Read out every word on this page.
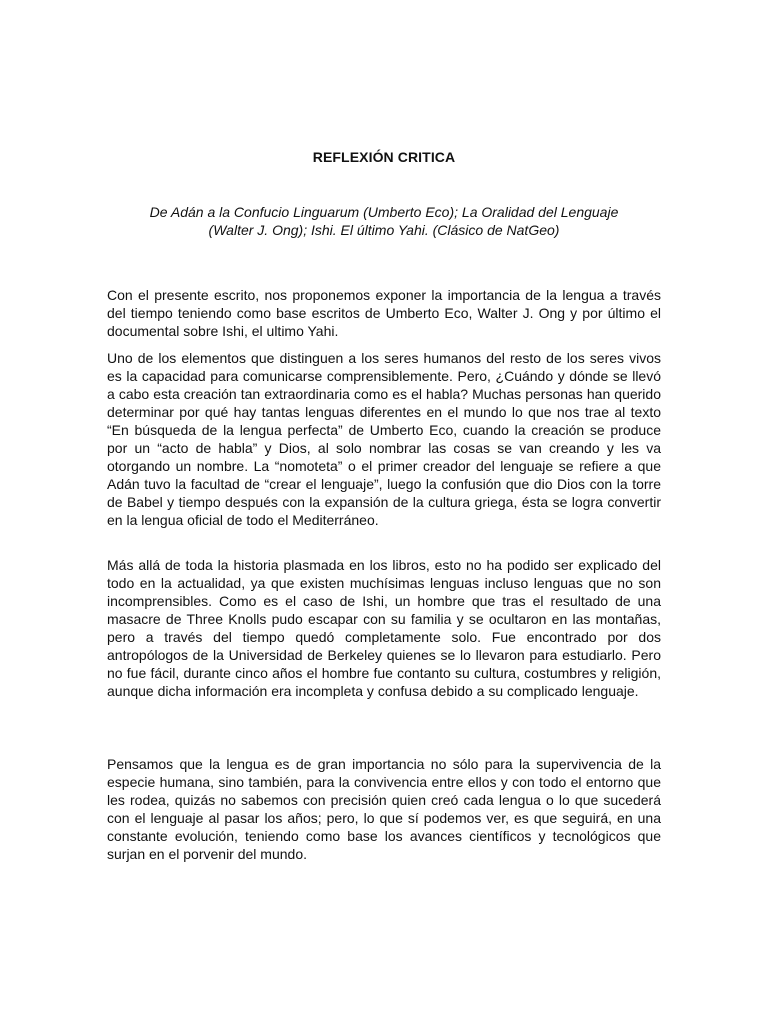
REFLEXIÓN CRITICA
De Adán a la Confucio Linguarum (Umberto Eco); La Oralidad del Lenguaje
(Walter J. Ong); Ishi. El último Yahi. (Clásico de NatGeo)

Con el presente escrito, nos proponemos exponer la importancia de la lengua a través del tiempo teniendo como base escritos de Umberto Eco, Walter J. Ong y por último el documental sobre Ishi, el ultimo Yahi.

Uno de los elementos que distinguen a los seres humanos del resto de los seres vivos es la capacidad para comunicarse comprensiblemente. Pero, ¿Cuándo y dónde se llevó a cabo esta creación tan extraordinaria como es el habla? Muchas personas han querido determinar por qué hay tantas lenguas diferentes en el mundo lo que nos trae al texto “En búsqueda de la lengua perfecta” de Umberto Eco, cuando la creación se produce por un “acto de habla” y Dios, al solo nombrar las cosas se van creando y les va otorgando un nombre. La “nomoteta” o el primer creador del lenguaje se refiere a que Adán tuvo la facultad de “crear el lenguaje”, luego la confusión que dio Dios con la torre de Babel y tiempo después con la expansión de la cultura griega, ésta se logra convertir en la lengua oficial de todo el Mediterráneo.

Más allá de toda la historia plasmada en los libros, esto no ha podido ser explicado del todo en la actualidad, ya que existen muchísimas lenguas incluso lenguas que no son incomprensibles. Como es el caso de Ishi, un hombre que tras el resultado de una masacre de Three Knolls pudo escapar con su familia y se ocultaron en las montañas, pero a través del tiempo quedó completamente solo. Fue encontrado por dos antropólogos de la Universidad de Berkeley quienes se lo llevaron para estudiarlo. Pero no fue fácil, durante cinco años el hombre fue contanto su cultura, costumbres y religión, aunque dicha información era incompleta y confusa debido a su complicado lenguaje.

Pensamos que la lengua es de gran importancia no sólo para la supervivencia de la especie humana, sino también, para la convivencia entre ellos y con todo el entorno que les rodea, quizás no sabemos con precisión quien creó cada lengua o lo que sucederá con el lenguaje al pasar los años; pero, lo que sí podemos ver, es que seguirá, en una constante evolución, teniendo como base los avances científicos y tecnológicos que surjan en el porvenir del mundo.
